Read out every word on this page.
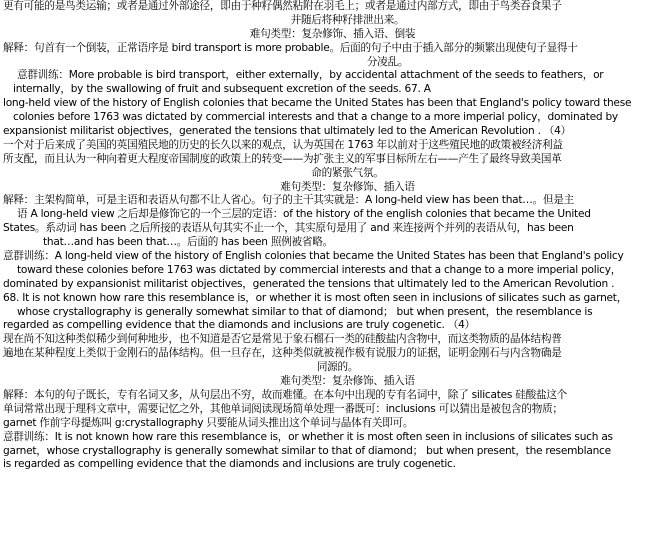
更有可能的是鸟类运输；或者是通过外部途径，即由于种籽偶然粘附在羽毛上；或者是通过内部方式，即由于鸟类吞食果子
并随后将种籽排泄出来。
难句类型：复杂修饰、插入语、倒装
解释：句首有一个倒装，正常语序是 bird transport is more probable。后面的句子中由于插入部分的频繁出现使句子显得十
分凌乱。
意群训练：More probable is bird transport，either externally，by accidental attachment of the seeds to feathers，or
internally，by the swallowing of fruit and subsequent excretion of the seeds. 67. A
long-held view of the history of English colonies that became the United States has been that England's policy toward these
colonies before 1763 was dictated by commercial interests and that a change to a more imperial policy，dominated by
expansionist militarist objectives，generated the tensions that ultimately led to the American Revolution . （4）
一个对于后来成了美国的英国殖民地的历史的长久以来的观点，认为英国在 1763 年以前对于这些殖民地的政策被经济利益
所支配，而且认为一种向着更大程度帝国制度的政策上的转变——为扩张主义的军事目标所左右——产生了最终导致美国革
命的紧张气氛。
难句类型：复杂修饰、插入语
解释：主架构简单，可是主语和表语从句都不让人省心。句子的主干其实就是：A long-held view has been that…。但是主
语 A long-held view 之后却是修饰它的一个三层的定语：of the history of the english colonies that became the United
States。系动词 has been 之后所接的表语从句其实不止一个，其实原句是用了 and 来连接两个并列的表语从句，has been
that…and has been that…。后面的 has been 照例被省略。
意群训练：A long-held view of the history of English colonies that became the United States has been that England's policy
toward these colonies before 1763 was dictated by commercial interests and that a change to a more imperial policy，
dominated by expansionist militarist objectives，generated the tensions that ultimately led to the American Revolution .
68. It is not known how rare this resemblance is，or whether it is most often seen in inclusions of silicates such as garnet，
whose crystallography is generally somewhat similar to that of diamond； but when present，the resemblance is
regarded as compelling evidence that the diamonds and inclusions are truly cogenetic. （4）
现在尚不知这种类似稀少到何种地步，也不知道是否它是常见于象石榴石一类的硅酸盐内含物中，而这类物质的晶体结构普
遍地在某种程度上类似于金刚石的晶体结构。但一旦存在，这种类似就被视作极有说服力的证据，证明金刚石与内含物确是
同源的。
难句类型：复杂修饰、插入语
解释：本句的句子既长，专有名词又多，从句层出不穷，故而难懂。在本句中出现的专有名词中，除了 silicates 硅酸盐这个
单词常常出现于理科文章中，需要记忆之外，其他单词阅读现场简单处理一番既可：inclusions 可以猜出是被包含的物质；
garnet 作前字母提炼叫 g:crystallography 只要能从词头推出这个单词与晶体有关即可。
意群训练：It is not known how rare this resemblance is，or whether it is most often seen in inclusions of silicates such as
garnet，whose crystallography is generally somewhat similar to that of diamond； but when present，the resemblance
is regarded as compelling evidence that the diamonds and inclusions are truly cogenetic.
